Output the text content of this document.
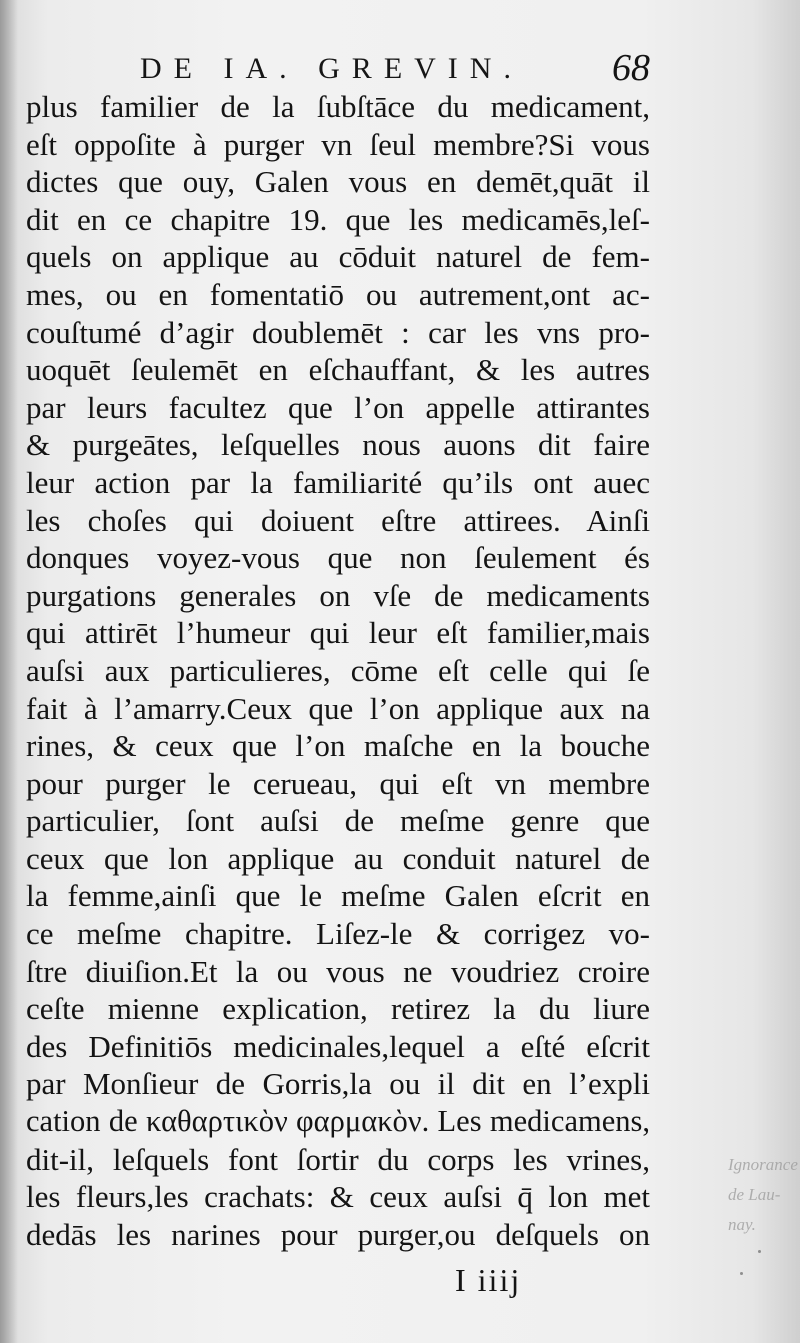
DE IA. GREVIN.	68
plus familier de la ſubſtāce du medicament,
eſt oppoſite à purger vn ſeul membre?Si vous
dictes que ouy, Galen vous en demēt,quāt il
dit en ce chapitre 19. que les medicamēs,leſ-
quels on applique au cōduit naturel de fem-
mes, ou en fomentatiō ou autrement,ont ac-
couſtumé d’agir doublemēt : car les vns pro-
uoquēt ſeulemēt en eſchauffant, & les autres
par leurs facultez que l’on appelle attirantes
& purgeātes, leſquelles nous auons dit faire
leur action par la familiarité qu’ils ont auec
les choſes qui doiuent eſtre attirees. Ainſi
donques voyez-vous que non ſeulement és
purgations generales on vſe de medicaments
qui attirēt l’humeur qui leur eſt familier,mais
auſsi aux particulieres, cōme eſt celle qui ſe
fait à l’amarry.Ceux que l’on applique aux na
rines, & ceux que l’on maſche en la bouche
pour purger le cerueau, qui eſt vn membre
particulier, ſont auſsi de meſme genre que
ceux que lon applique au conduit naturel de
la femme,ainſi que le meſme Galen eſcrit en
ce meſme chapitre. Liſez-le & corrigez vo-
ſtre diuiſion.Et la ou vous ne voudriez croire
ceſte mienne explication, retirez la du liure
des Definitiōs medicinales,lequel a eſté eſcrit
par Monſieur de Gorris,la ou il dit en l’expli
cation de καθαρτικὸν φαρμακὸν. Les medicamens,
dit-il, leſquels font ſortir du corps les vrines,
les fleurs,les crachats: & ceux auſsi q̄ lon met
dedās les narines pour purger,ou deſquels on
I iiij
Ignorance
de Lau-
nay.
